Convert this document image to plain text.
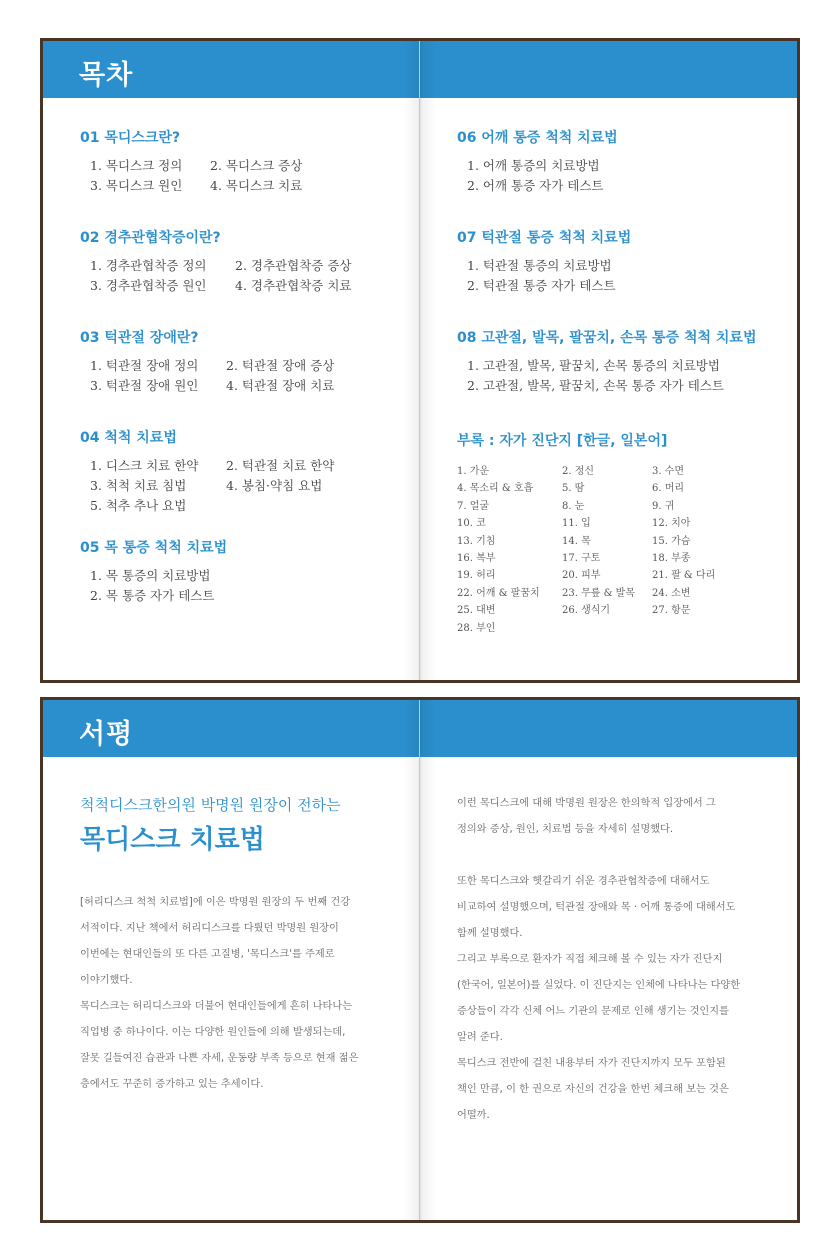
목차
01 목디스크란?
1. 목디스크 정의	2. 목디스크 증상
3. 목디스크 원인	4. 목디스크 치료
02 경추관협착증이란?
1. 경추관협착증 정의	2. 경추관협착증 증상
3. 경추관협착증 원인	4. 경추관협착증 치료
03 턱관절 장애란?
1. 턱관절 장애 정의	2. 턱관절 장애 증상
3. 턱관절 장애 원인	4. 턱관절 장애 치료
04 척척 치료법
1. 디스크 치료 한약	2. 턱관절 치료 한약
3. 척척 치료 침법	4. 봉침·약침 요법
5. 척추 추나 요법
05 목 통증 척척 치료법
1. 목 통증의 치료방법
2. 목 통증 자가 테스트
06 어깨 통증 척척 치료법
1. 어깨 통증의 치료방법
2. 어깨 통증 자가 테스트
07 턱관절 통증 척척 치료법
1. 턱관절 통증의 치료방법
2. 턱관절 통증 자가 테스트
08 고관절, 발목, 팔꿈치, 손목 통증 척척 치료법
1. 고관절, 발목, 팔꿈치, 손목 통증의 치료방법
2. 고관절, 발목, 팔꿈치, 손목 통증 자가 테스트
부록 : 자가 진단지 [한글, 일본어]
1. 가운	2. 정신	3. 수면
4. 목소리 & 호흡	5. 땀	6. 머리
7. 얼굴	8. 눈	9. 귀
10. 코	11. 입	12. 치아
13. 기침	14. 목	15. 가슴
16. 복부	17. 구토	18. 부종
19. 허리	20. 피부	21. 팔 & 다리
22. 어깨 & 팔꿈치	23. 무릎 & 발목	24. 소변
25. 대변	26. 생식기	27. 항문
28. 부인
서평
척척디스크한의원 박명원 원장이 전하는
목디스크 치료법
[허리디스크 척척 치료법]에 이은 박명원 원장의 두 번째 건강
서적이다. 지난 책에서 허리디스크를 다뤘던 박명원 원장이
이번에는 현대인들의 또 다른 고질병, '목디스크'를 주제로
이야기했다.
목디스크는 허리디스크와 더불어 현대인들에게 흔히 나타나는
직업병 중 하나이다. 이는 다양한 원인들에 의해 발생되는데,
잘못 길들여진 습관과 나쁜 자세, 운동량 부족 등으로 현재 젊은
층에서도 꾸준히 증가하고 있는 추세이다.
이런 목디스크에 대해 박명원 원장은 한의학적 입장에서 그
정의와 증상, 원인, 치료법 등을 자세히 설명했다.
또한 목디스크와 헷갈리기 쉬운 경추관협착증에 대해서도
비교하여 설명했으며, 턱관절 장애와 목 · 어깨 통증에 대해서도
함께 설명했다.
그리고 부록으로 환자가 직접 체크해 볼 수 있는 자가 진단지
(한국어, 일본어)를 실었다. 이 진단지는 인체에 나타나는 다양한
증상들이 각각 신체 어느 기관의 문제로 인해 생기는 것인지를
알려 준다.
목디스크 전반에 걸친 내용부터 자가 진단지까지 모두 포함된
책인 만큼, 이 한 권으로 자신의 건강을 한번 체크해 보는 것은
어떨까.
